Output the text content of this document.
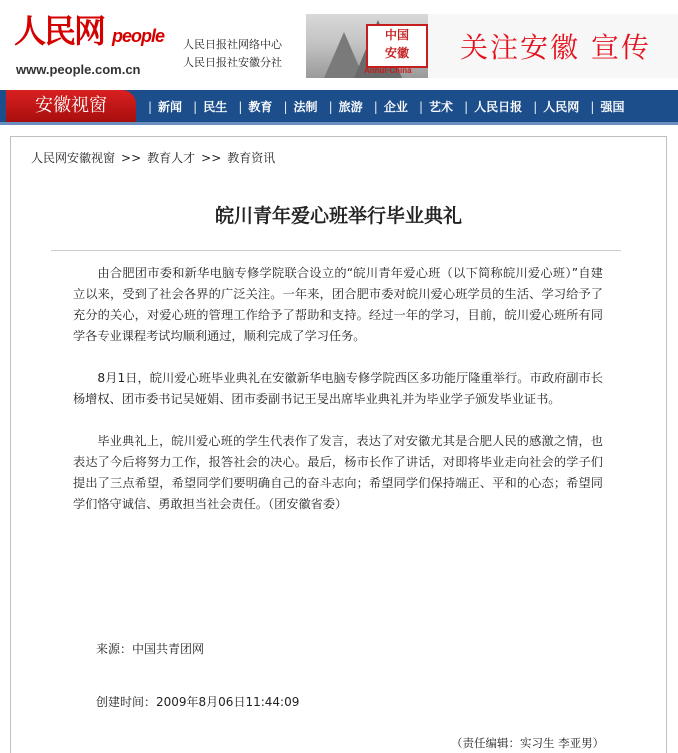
人民网 people
www.people.com.cn
人民日报社网络中心
人民日报社安徽分社
中国
安徽
Anhui·China
关注安徽 宣传
安徽视窗	| 新闻 | 民生 | 教育 | 法制 | 旅游 | 企业 | 艺术 | 人民日报 | 人民网 | 强国
人民网安徽视窗 >> 教育人才 >> 教育资讯
皖川青年爱心班举行毕业典礼

由合肥团市委和新华电脑专修学院联合设立的“皖川青年爱心班（以下简称皖川爱心班）”自建立以来，受到了社会各界的广泛关注。一年来，团合肥市委对皖川爱心班学员的生活、学习给予了充分的关心，对爱心班的管理工作给予了帮助和支持。经过一年的学习，目前，皖川爱心班所有同学各专业课程考试均顺利通过，顺利完成了学习任务。

8月1日，皖川爱心班毕业典礼在安徽新华电脑专修学院西区多功能厅隆重举行。市政府副市长杨增权、团市委书记吴娅娟、团市委副书记王旻出席毕业典礼并为毕业学子颁发毕业证书。

毕业典礼上，皖川爱心班的学生代表作了发言，表达了对安徽尤其是合肥人民的感激之情，也表达了今后将努力工作，报答社会的决心。最后，杨市长作了讲话，对即将毕业走向社会的学子们提出了三点希望，希望同学们要明确自己的奋斗志向；希望同学们保持端正、平和的心态；希望同学们恪守诚信、勇敢担当社会责任。（团安徽省委）

来源：中国共青团网
创建时间：2009年8月06日11:44:09
（责任编辑：实习生 李亚男）
